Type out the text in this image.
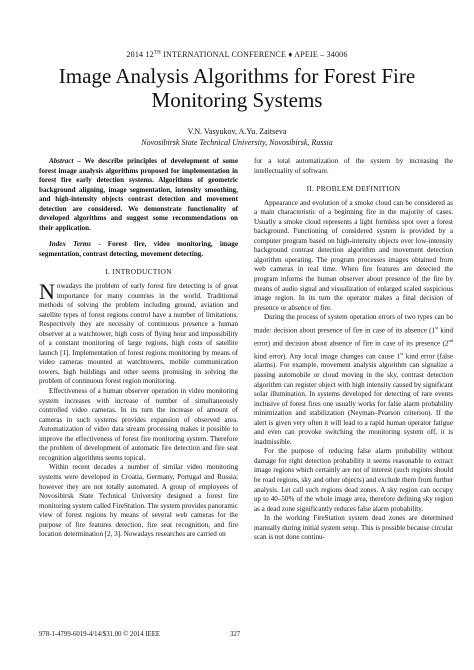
2014 12TH INTERNATIONAL CONFERENCE ♦ APEIE – 34006
Image Analysis Algorithms for Forest Fire
Monitoring Systems
V.N. Vasyukov, A.Yu. Zaitseva
Novosibirsk State Technical University, Novosibirsk, Russia

Abstract – We describe principles of development of some forest image analysis algorithms proposed for implementation in forest fire early detection systems. Algorithms of geometric background aligning, image segmentation, intensity smoothing, and high-intensity objects contrast detection and movement detection are considered. We demonstrate functionality of developed algorithms and suggest some recommendations on their application.

Index Terms - Forest fire, video monitoring, image segmentation, contrast detecting, movement detecting.

I. INTRODUCTION

Nowadays the problem of early forest fire detecting is of great importance for many countries in the world. Traditional methods of solving the problem including ground, aviation and satellite types of forest regions control have a number of limitations. Respectively they are necessity of continuous presence a human observer at a watchtower, high costs of flying hour and impossibility of a constant monitoring of large regions, high costs of satellite launch [1]. Implementation of forest regions monitoring by means of video cameras mounted at watchtowers, mobile communication towers, high buildings and other seems promising in solving the problem of continuous forest region monitoring.

Effectiveness of a human observer operation in video monitoring system increases with increase of number of simultaneously controlled video cameras. In its turn the increase of amount of cameras in such systems provides expansion of observed area. Automatization of video data stream processing makes it possible to improve the effectiveness of forest fire monitoring system. Therefore the problem of development of automatic fire detection and fire seat recognition algorithms seems topical.

Within recent decades a number of similar video monitoring systems were developed in Croatia, Germany, Portugal and Russia; however they are not totally automated. A group of employees of Novosibirsk State Technical University designed a forest fire monitoring system called FireStation. The system provides panoramic view of forest regions by means of several web cameras for the purpose of fire features detection, fire seat recognition, and fire location determination [2, 3]. Nowadays researches are carried on

for a total automatization of the system by increasing the intellectuality of software.

II. PROBLEM DEFINITION

Appearance and evolution of a smoke cloud can be considered as a main characteristic of a beginning fire in the majority of cases. Usually a smoke cloud represents a light formless spot over a forest background. Functioning of considered system is provided by a computer program based on high-intensity objects over low-intensity background contrast detection algorithm and movement detection algorithm operating. The program processes images obtained from web cameras in real time. When fire features are detected the program informs the human observer about presence of the fire by means of audio signal and visualization of enlarged scaled suspicious image region. In its turn the operator makes a final decision of presence or absence of fire.

During the process of system operation errors of two types can be made: decision about presence of fire in case of its absence (1st kind error) and decision about absence of fire in case of its presence (2nd kind error). Any local image changes can cause 1st kind error (false alarms). For example, movement analysis algorithm can signalize a passing automobile or cloud moving in the sky, contrast detection algorithm can register object with high intensity caused by significant solar illumination. In systems developed for detecting of rare events inclusive of forest fires one usually works for false alarm probability minimization and stabilization (Neyman–Pearson criterion). If the alert is given very often it will lead to a rapid human operator fatigue and even can provoke switching the monitoring system off, it is inadmissible.

For the purpose of reducing false alarm probability without damage for right detection probability it seems reasonable to extract image regions which certainly are not of interest (such regions should be road regions, sky and other objects) and exclude them from further analysis. Let call such regions dead zones. A sky region can occupy up to 40–50% of the whole image area, therefore defining sky region as a dead zone significantly reduces false alarm probability.

In the working FireStation system dead zones are determined manually during initial system setup. This is possible because circular scan is not done continu-

978-1-4799-6019-4/14/$31.00 © 2014 IEEE	327
